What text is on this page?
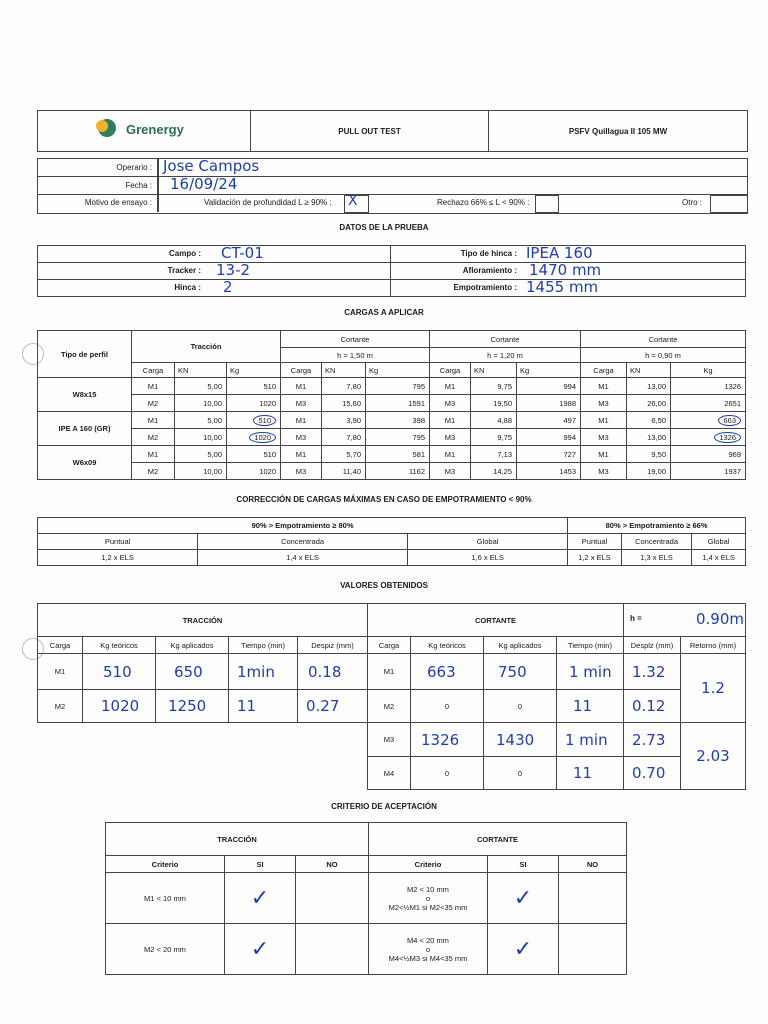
Grenergy	PULL OUT TEST	PSFV Quillagua II 105 MW
Operario : Jose Campos
Fecha : 16/09/24
Motivo de ensayo :	Validación de profundidad L ≥ 90% : X	Rechazo 66% ≤ L < 90% :	Otro :
DATOS DE LA PRUEBA
Campo : CT-01	Tipo de hinca : IPEA 160

Tracker : 13-2	Afloramiento : 1470 mm

Hinca : 2	Empotramiento : 1455 mm
CARGAS A APLICAR
Tipo de perfil	Tracción			Cortante			Cortante			Cortante		
				h = 1,50 m			h = 1,20 m			h = 0,90 m		
	Carga	KN	Kg	Carga	KN	Kg	Carga	KN	Kg	Carga	KN	Kg
W8x15	M1	5,00	510	M1	7,80	795	M1	9,75	994	M1	13,00	1326
	M2	10,00	1020	M3	15,60	1591	M3	19,50	1988	M3	26,00	2651
IPE A 160 (GR)	M1	5,00	510	M1	3,90	398	M1	4,88	497	M1	6,50	663
	M2	10,00	1020	M3	7,80	795	M3	9,75	994	M3	13,00	1326
W6x09	M1	5,00	510	M1	5,70	581	M1	7,13	727	M1	9,50	969
	M2	10,00	1020	M3	11,40	1162	M3	14,25	1453	M3	19,00	1937
CORRECCIÓN DE CARGAS MÁXIMAS EN CASO DE EMPOTRAMIENTO < 90%
90% > Empotramiento ≥ 80%			80% > Empotramiento ≥ 66%		
Puntual	Concentrada	Global	Puntual	Concentrada	Global
1,2 x ELS	1,4 x ELS	1,6 x ELS	1,2 x ELS	1,3 x ELS	1,4 x ELS
VALORES OBTENIDOS
TRACCIÓN				
Carga	Kg teóricos	Kg aplicados	Tiempo (min)	Despiz (mm)
M1	510	650	1min	0.18
M2	1020	1250	11	0.27
CORTANTE				h = 0.90m	

Carga	Kg teóricos	Kg aplicados	Tiempo (min)	Desplz (mm)	Retorno (mm)
M1	663	750	1 min	1.32	1.2
M2	0	0	11	0.12	
M3	1326	1430	1 min	2.73	2.03
M4	0	0	11	0.70	
CRITERIO DE ACEPTACIÓN
TRACCIÓN			CORTANTE		
Criterio	SI	NO	Criterio	SI	NO
M1 < 10 mm	✓		M2 < 10 mm
o
M2<½M1 si M2<35 mm	✓	
M2 < 20 mm	✓		M4 < 20 mm
o
M4<½M3 si M4<35 mm	✓	
